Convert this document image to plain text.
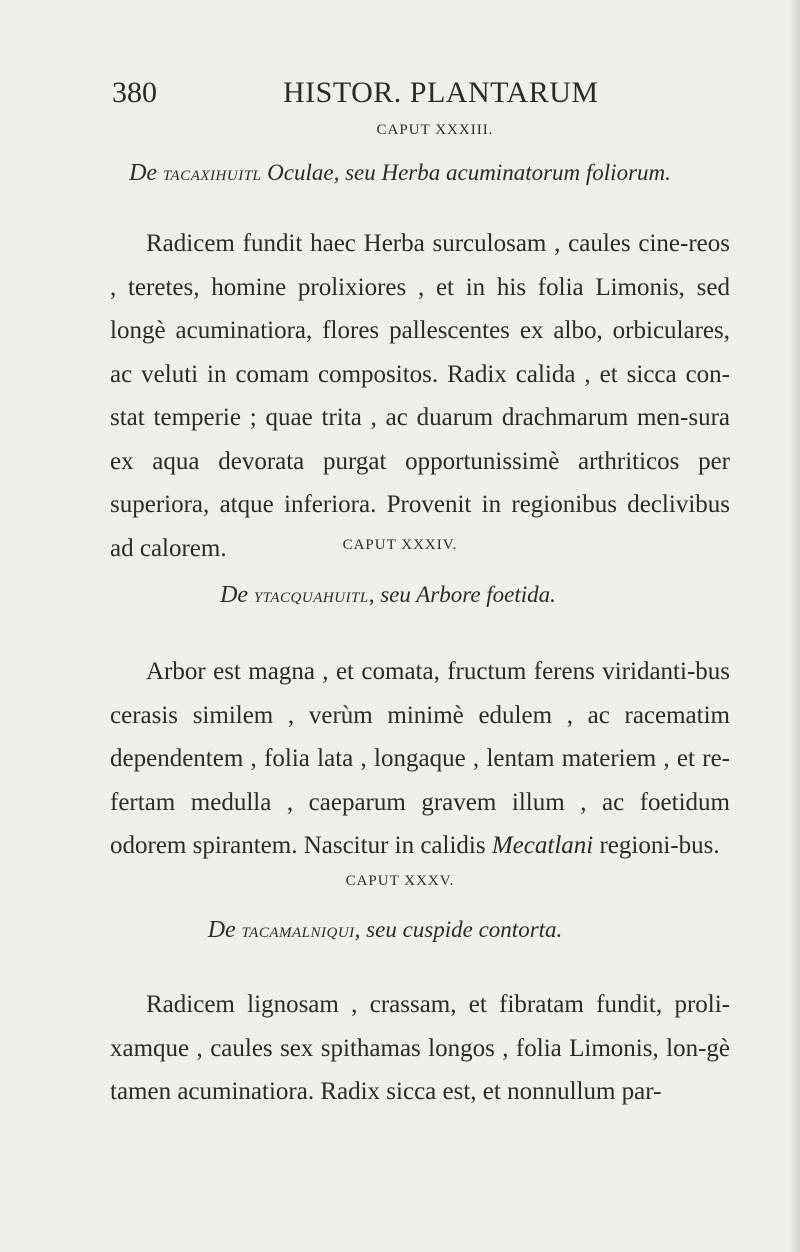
380	HISTOR. PLANTARUM
CAPUT XXXIII.
De tacaxihuitl Oculae, seu Herba acuminatorum foliorum.

Radicem fundit haec Herba surculosam , caules cine-reos , teretes, homine prolixiores , et in his folia Limonis, sed longè acuminatiora, flores pallescentes ex albo, orbiculares, ac veluti in comam compositos. Radix calida , et sicca con-stat temperie ; quae trita , ac duarum drachmarum men-sura ex aqua devorata purgat opportunissimè arthriticos per superiora, atque inferiora. Provenit in regionibus declivibus ad calorem.	CAPUT XXXIV.
De ytacquahuitl, seu Arbore foetida.

Arbor est magna , et comata, fructum ferens viridanti-bus cerasis similem , verùm minimè edulem , ac racematim dependentem , folia lata , longaque , lentam materiem , et re-fertam medulla , caeparum gravem illum , ac foetidum odorem spirantem. Nascitur in calidis Mecatlani regioni-bus.

CAPUT XXXV.
De tacamalniqui, seu cuspide contorta.

Radicem lignosam , crassam, et fibratam fundit, proli-xamque , caules sex spithamas longos , folia Limonis, lon-gè tamen acuminatiora. Radix sicca est, et nonnullum par-
